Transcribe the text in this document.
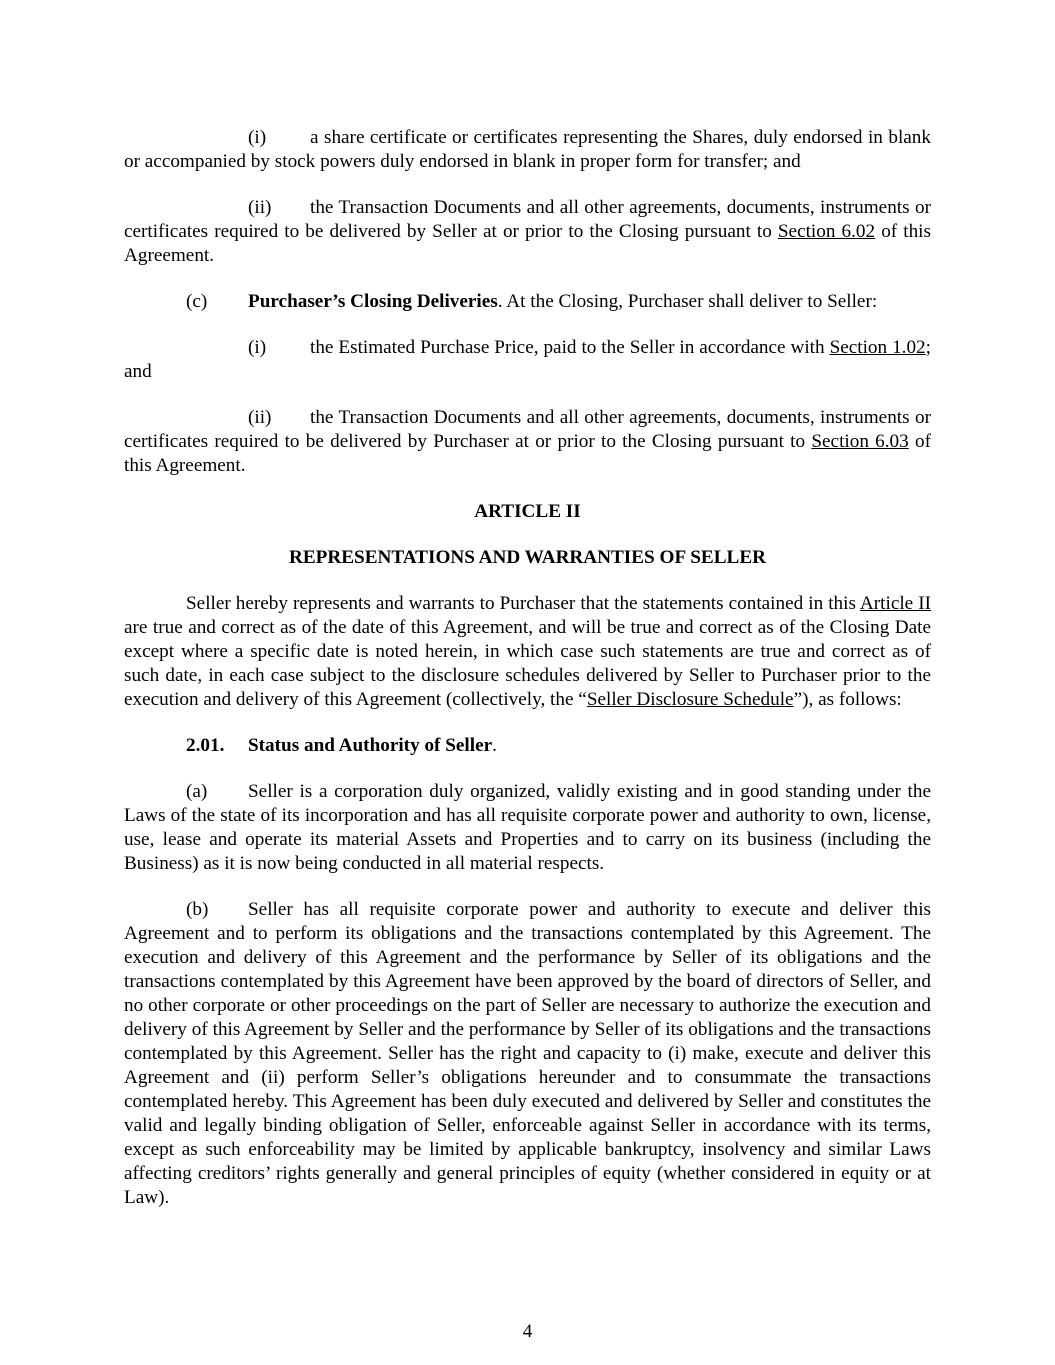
(i) a share certificate or certificates representing the Shares, duly endorsed in blank or accompanied by stock powers duly endorsed in blank in proper form for transfer; and

(ii) the Transaction Documents and all other agreements, documents, instruments or certificates required to be delivered by Seller at or prior to the Closing pursuant to Section 6.02 of this Agreement.

(c) Purchaser’s Closing Deliveries. At the Closing, Purchaser shall deliver to Seller:

(i) the Estimated Purchase Price, paid to the Seller in accordance with Section 1.02; and

(ii) the Transaction Documents and all other agreements, documents, instruments or certificates required to be delivered by Purchaser at or prior to the Closing pursuant to Section 6.03 of this Agreement.

ARTICLE II

REPRESENTATIONS AND WARRANTIES OF SELLER

Seller hereby represents and warrants to Purchaser that the statements contained in this Article II are true and correct as of the date of this Agreement, and will be true and correct as of the Closing Date except where a specific date is noted herein, in which case such statements are true and correct as of such date, in each case subject to the disclosure schedules delivered by Seller to Purchaser prior to the execution and delivery of this Agreement (collectively, the “Seller Disclosure Schedule”), as follows:

2.01. Status and Authority of Seller.

(a) Seller is a corporation duly organized, validly existing and in good standing under the Laws of the state of its incorporation and has all requisite corporate power and authority to own, license, use, lease and operate its material Assets and Properties and to carry on its business (including the Business) as it is now being conducted in all material respects.

(b) Seller has all requisite corporate power and authority to execute and deliver this Agreement and to perform its obligations and the transactions contemplated by this Agreement. The execution and delivery of this Agreement and the performance by Seller of its obligations and the transactions contemplated by this Agreement have been approved by the board of directors of Seller, and no other corporate or other proceedings on the part of Seller are necessary to authorize the execution and delivery of this Agreement by Seller and the performance by Seller of its obligations and the transactions contemplated by this Agreement. Seller has the right and capacity to (i) make, execute and deliver this Agreement and (ii) perform Seller’s obligations hereunder and to consummate the transactions contemplated hereby. This Agreement has been duly executed and delivered by Seller and constitutes the valid and legally binding obligation of Seller, enforceable against Seller in accordance with its terms, except as such enforceability may be limited by applicable bankruptcy, insolvency and similar Laws affecting creditors’ rights generally and general principles of equity (whether considered in equity or at Law).

4
